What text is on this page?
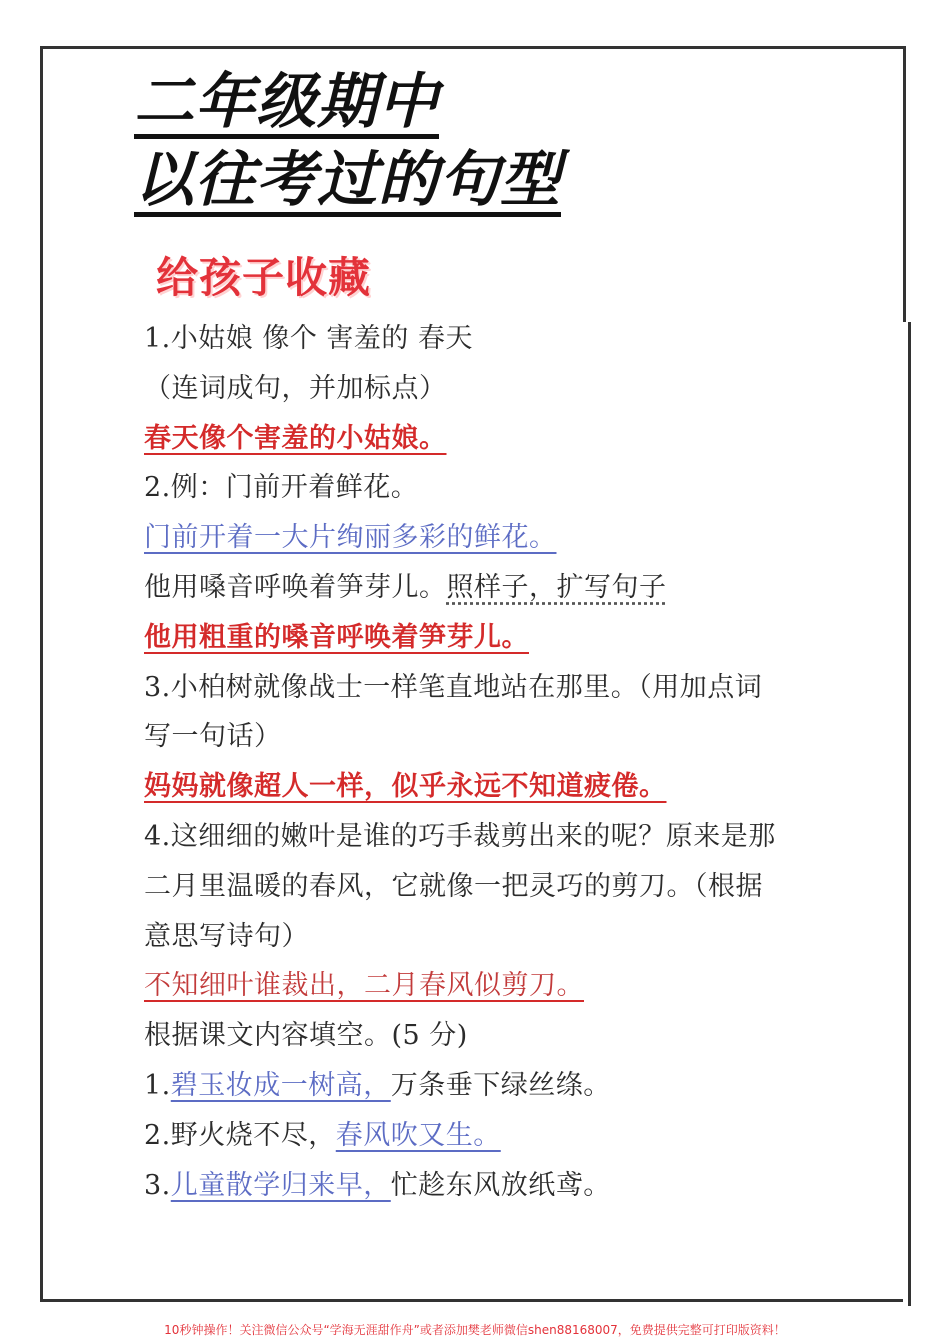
二年级期中
以往考过的句型
给孩子收藏
1.小姑娘 像个 害羞的 春天
（连词成句，并加标点）
春天像个害羞的小姑娘。
2.例：门前开着鲜花。
门前开着一大片绚丽多彩的鲜花。
他用嗓音呼唤着笋芽儿。照样子，扩写句子
他用粗重的嗓音呼唤着笋芽儿。
3.小柏树就像战士一样笔直地站在那里。（用加点词
写一句话）
妈妈就像超人一样，似乎永远不知道疲倦。
4.这细细的嫩叶是谁的巧手裁剪出来的呢？原来是那
二月里温暖的春风，它就像一把灵巧的剪刀。（根据
意思写诗句）
不知细叶谁裁出，二月春风似剪刀。
根据课文内容填空。(5 分)
1.碧玉妆成一树高，万条垂下绿丝绦。
2.野火烧不尽，春风吹又生。
3.儿童散学归来早，忙趁东风放纸鸢。
10秒钟操作！关注微信公众号“学海无涯甜作舟”或者添加樊老师微信shen88168007，免费提供完整可打印版资料！
